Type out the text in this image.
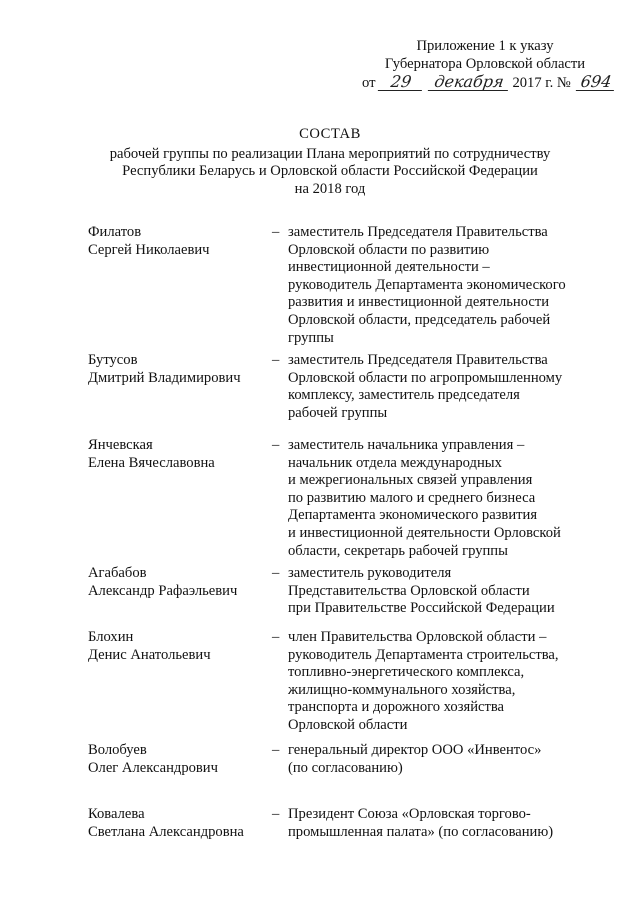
Приложение 1 к указу
Губернатора Орловской области
от 29 декабря 2017 г. № 694
СОСТАВ
рабочей группы по реализации Плана мероприятий по сотрудничеству
Республики Беларусь и Орловской области Российской Федерации
на 2018 год
Филатов
Сергей Николаевич
– заместитель Председателя Правительства
Орловской области по развитию
инвестиционной деятельности –
руководитель Департамента экономического
развития и инвестиционной деятельности
Орловской области, председатель рабочей
группы
Бутусов
Дмитрий Владимирович
– заместитель Председателя Правительства
Орловской области по агропромышленному
комплексу, заместитель председателя
рабочей группы
Янчевская
Елена Вячеславовна
– заместитель начальника управления –
начальник отдела международных
и межрегиональных связей управления
по развитию малого и среднего бизнеса
Департамента экономического развития
и инвестиционной деятельности Орловской
области, секретарь рабочей группы
Агабабов
Александр Рафаэльевич
– заместитель руководителя
Представительства Орловской области
при Правительстве Российской Федерации
Блохин
Денис Анатольевич
– член Правительства Орловской области –
руководитель Департамента строительства,
топливно-энергетического комплекса,
жилищно-коммунального хозяйства,
транспорта и дорожного хозяйства
Орловской области
Волобуев
Олег Александрович
– генеральный директор ООО «Инвентос»
(по согласованию)
Ковалева
Светлана Александровна
– Президент Союза «Орловская торгово-
промышленная палата» (по согласованию)
